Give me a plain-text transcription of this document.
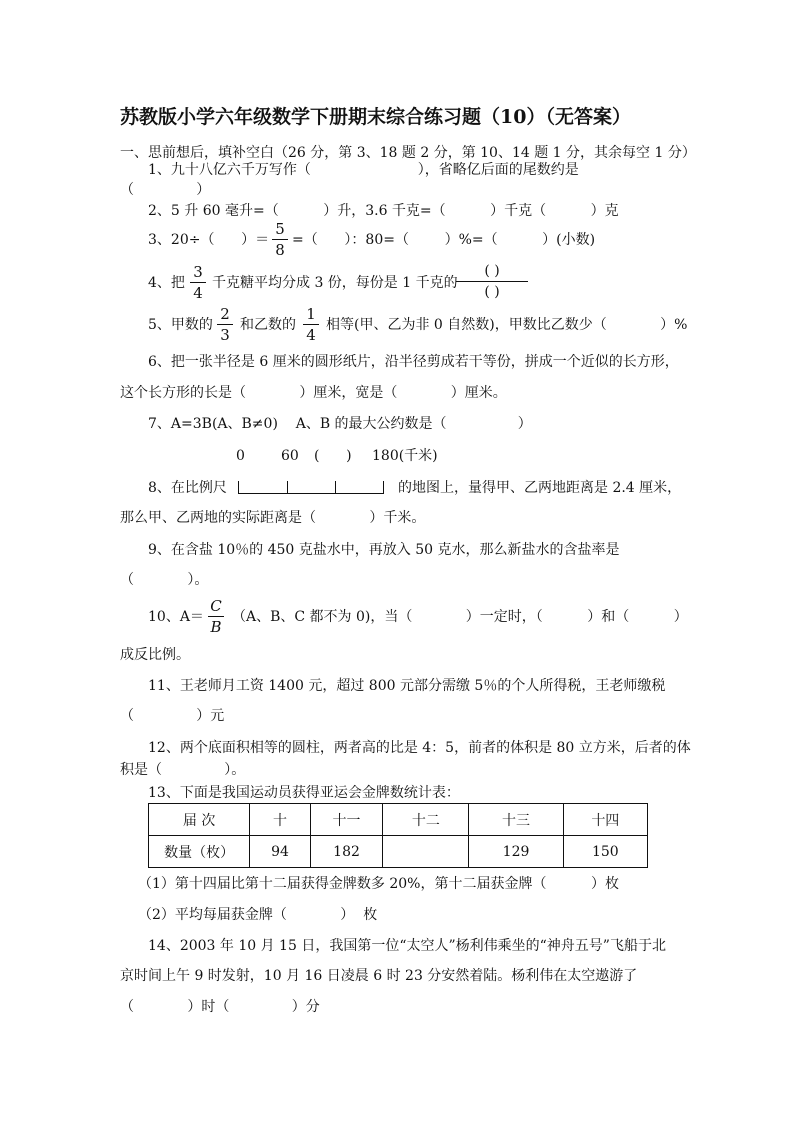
苏教版小学六年级数学下册期末综合练习题（10）（无答案）
一、思前想后，填补空白（26 分，第 3、18 题 2 分，第 10、14 题 1 分，其余每空 1 分）
1、九十八亿六千万写作（                        ），省略亿后面的尾数约是
（              ）
2、5 升 60 毫升=（          ）升，3.6 千克=（          ）千克（          ）克
3、20÷（      ）＝
5
8
=（      ）：80=（        ）%=（          ）(小数)
4、把
3
4
千克糖平均分成 3 份，每份是 1 千克的
( )
( )
5、甲数的
2
3
和乙数的
1
4
相等(甲、乙为非 0 自然数)，甲数比乙数少（            ）%
6、把一张半径是 6 厘米的圆形纸片，沿半径剪成若干等份，拼成一个近似的长方形，
这个长方形的长是（            ）厘米，宽是（            ）厘米。
7、A=3B(A、B≠0)    A、B 的最大公约数是（                ）
0	60 (      ) 180(千米)
8、在比例尺	的地图上，量得甲、乙两地距离是 2.4 厘米，
那么甲、乙两地的实际距离是（            ）千米。
9、在含盐 10％的 450 克盐水中，再放入 50 克水，那么新盐水的含盐率是
（            ）。
10、A＝
C
B
（A、B、C 都不为 0)，当（            ）一定时，（          ）和（          ）
成反比例。
11、王老师月工资 1400 元，超过 800 元部分需缴 5％的个人所得税，王老师缴税
（              ）元
12、两个底面积相等的圆柱，两者高的比是 4：5，前者的体积是 80 立方米，后者的体
积是（              ）。
13、下面是我国运动员获得亚运会金牌数统计表：
届 次	十	十一	十二	十三	十四
数量（枚）	94	182		129	150
（1）第十四届比第十二届获得金牌数多 20%，第十二届获金牌（          ）枚
（2）平均每届获金牌（            ）  枚
14、2003 年 10 月 15 日，我国第一位“太空人”杨利伟乘坐的“神舟五号”飞船于北
京时间上午 9 时发射，10 月 16 日凌晨 6 时 23 分安然着陆。杨利伟在太空遨游了
（            ）时（              ）分
